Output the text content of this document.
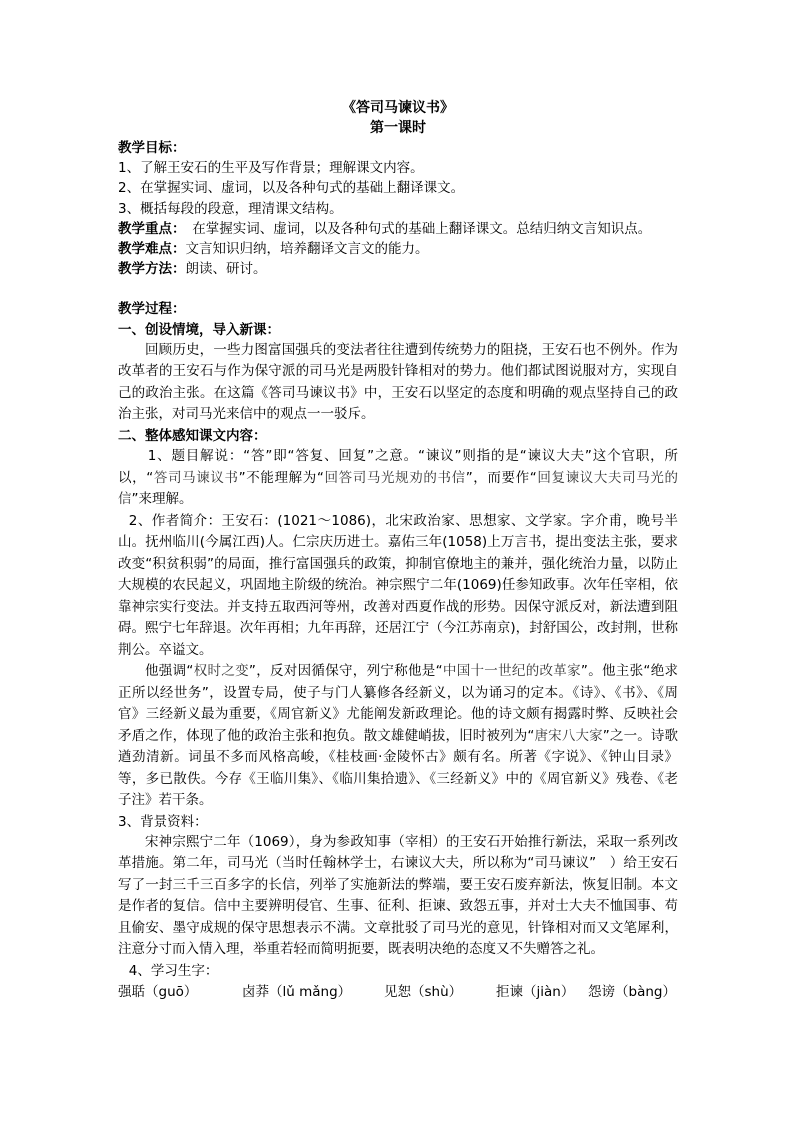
《答司马谏议书》
第一课时
教学目标：
1、了解王安石的生平及写作背景；理解课文内容。
2、在掌握实词、虚词，以及各种句式的基础上翻译课文。
3、概括每段的段意，理清课文结构。
教学重点：　在掌握实词、虚词，以及各种句式的基础上翻译课文。总结归纳文言知识点。
教学难点：文言知识归纳，培养翻译文言文的能力。
教学方法：朗读、研讨。
教学过程：
一、创设情境，导入新课：
回顾历史，一些力图富国强兵的变法者往往遭到传统势力的阻挠，王安石也不例外。作为改革者的王安石与作为保守派的司马光是两股针锋相对的势力。他们都试图说服对方，实现自己的政治主张。在这篇《答司马谏议书》中，王安石以坚定的态度和明确的观点坚持自己的政治主张，对司马光来信中的观点一一驳斥。
二、整体感知课文内容：
1、题目解说：“答”即“答复、回复”之意。“谏议”则指的是“谏议大夫”这个官职，所以，“答司马谏议书”不能理解为“回答司马光规劝的书信”，而要作“回复谏议大夫司马光的信”来理解。
2、作者简介：王安石：(1021～1086)，北宋政治家、思想家、文学家。字介甫，晚号半山。抚州临川(今属江西)人。仁宗庆历进士。嘉佑三年(1058)上万言书，提出变法主张，要求改变“积贫积弱”的局面，推行富国强兵的政策，抑制官僚地主的兼并，强化统治力量，以防止大规模的农民起义，巩固地主阶级的统治。神宗熙宁二年(1069)任参知政事。次年任宰相，依靠神宗实行变法。并支持五取西河等州，改善对西夏作战的形势。因保守派反对，新法遭到阻碍。熙宁七年辞退。次年再相；九年再辞，还居江宁（今江苏南京)，封舒国公，改封荆，世称荆公。卒谥文。
他强调“权时之变”，反对因循保守，列宁称他是“中国十一世纪的改革家”。他主张“绝求正所以经世务”，设置专局，使子与门人纂修各经新义，以为诵习的定本。《诗》、《书》、《周官》三经新义最为重要，《周官新义》尤能阐发新政理论。他的诗文颇有揭露时弊、反映社会矛盾之作，体现了他的政治主张和抱负。散文雄健峭拔，旧时被列为“唐宋八大家”之一。诗歌遒劲清新。词虽不多而风格高峻，《桂枝画·金陵怀古》颇有名。所著《字说》、《钟山目录》等，多已散佚。今存《王临川集》、《临川集拾遗》、《三经新义》中的《周官新义》残卷、《老子注》若干条。
3、背景资料：
宋神宗熙宁二年（1069），身为参政知事（宰相）的王安石开始推行新法，采取一系列改革措施。第二年，司马光（当时任翰林学士，右谏议大夫，所以称为“司马谏议”　）给王安石写了一封三千三百多字的长信，列举了实施新法的弊端，要王安石废弃新法，恢复旧制。本文是作者的复信。信中主要辨明侵官、生事、征利、拒谏、致怨五事，并对士大夫不恤国事、苟且偷安、墨守成规的保守思想表示不满。文章批驳了司马光的意见，针锋相对而又文笔犀利，注意分寸而入情入理，举重若轻而简明扼要，既表明决绝的态度又不失赠答之礼。
4、学习生字：
强聒（guō）	卤莽（lǔ mǎng）	见恕（shù）	拒谏（jiàn）	怨谤（bàng）
